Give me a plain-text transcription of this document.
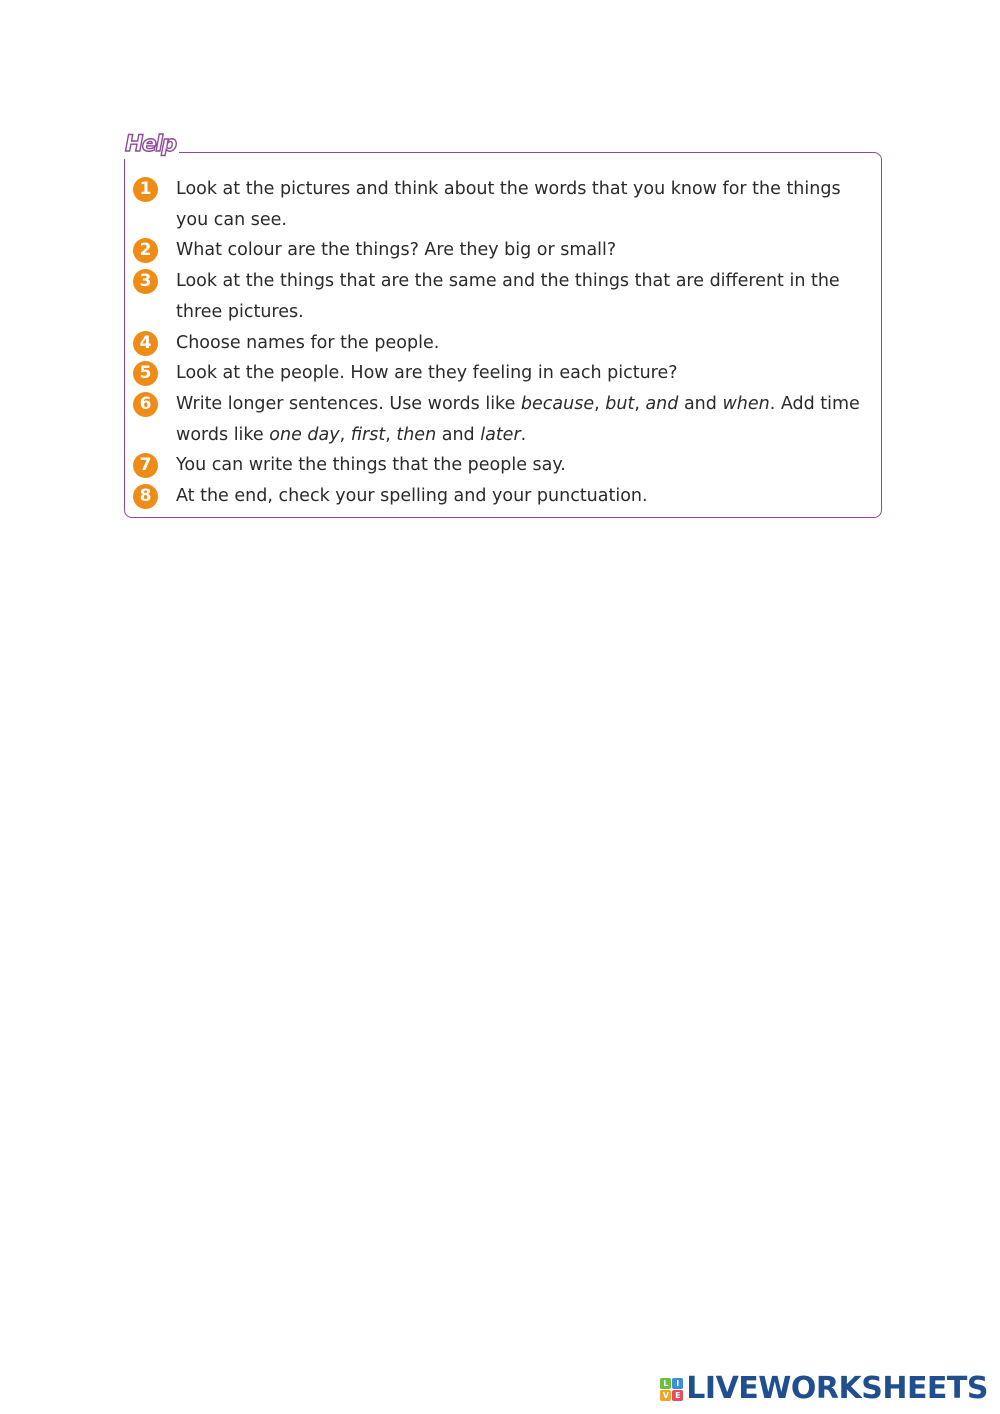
Help
1	Look at the pictures and think about the words that you know for the things you can see.
2	What colour are the things? Are they big or small?
3	Look at the things that are the same and the things that are different in the three pictures.
4	Choose names for the people.
5	Look at the people. How are they feeling in each picture?
6	Write longer sentences. Use words like because, but, and and when. Add time words like one day, first, then and later.
7	You can write the things that the people say.
8	At the end, check your spelling and your punctuation.
L I
V E LIVEWORKSHEETS
